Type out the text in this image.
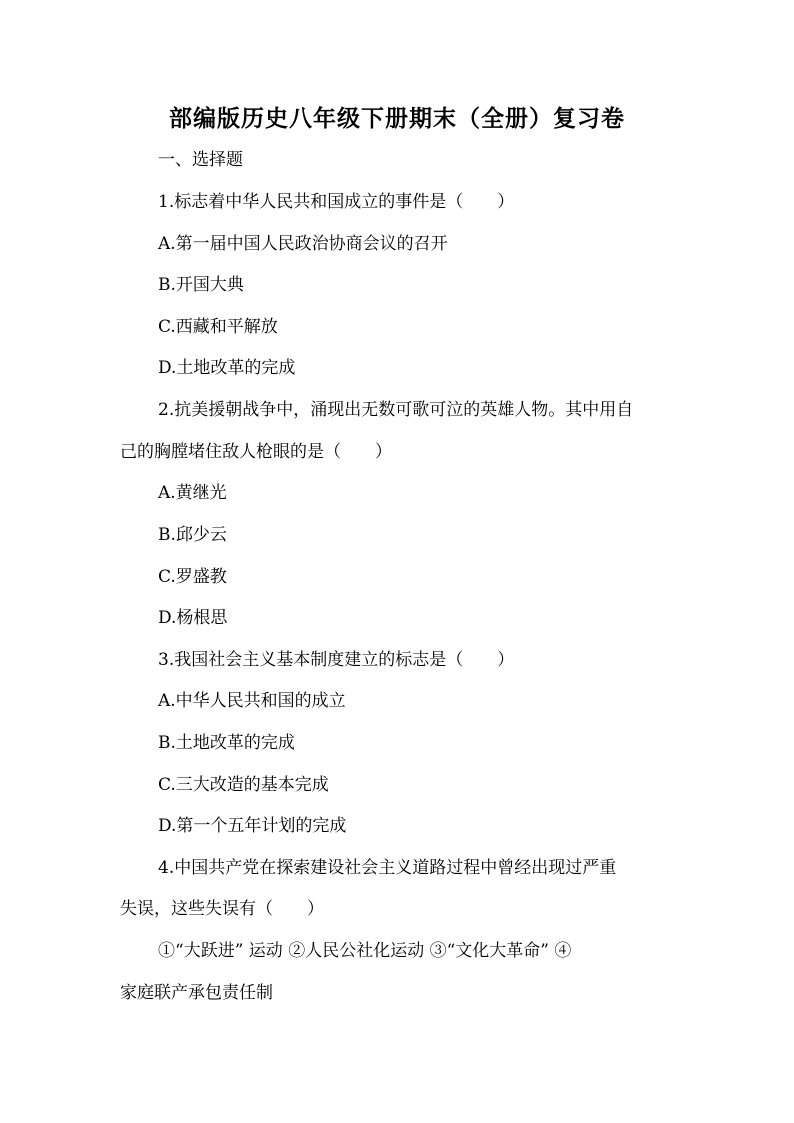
部编版历史八年级下册期末（全册）复习卷
一、选择题
1.标志着中华人民共和国成立的事件是（　　）
A.第一届中国人民政治协商会议的召开
B.开国大典
C.西藏和平解放
D.土地改革的完成
2.抗美援朝战争中，涌现出无数可歌可泣的英雄人物。其中用自
己的胸膛堵住敌人枪眼的是（　　）
A.黄继光
B.邱少云
C.罗盛教
D.杨根思
3.我国社会主义基本制度建立的标志是（　　）
A.中华人民共和国的成立
B.土地改革的完成
C.三大改造的基本完成
D.第一个五年计划的完成
4.中国共产党在探索建设社会主义道路过程中曾经出现过严重
失误，这些失误有（　　）
①“大跃进” 运动 ②人民公社化运动 ③“文化大革命” ④
家庭联产承包责任制
